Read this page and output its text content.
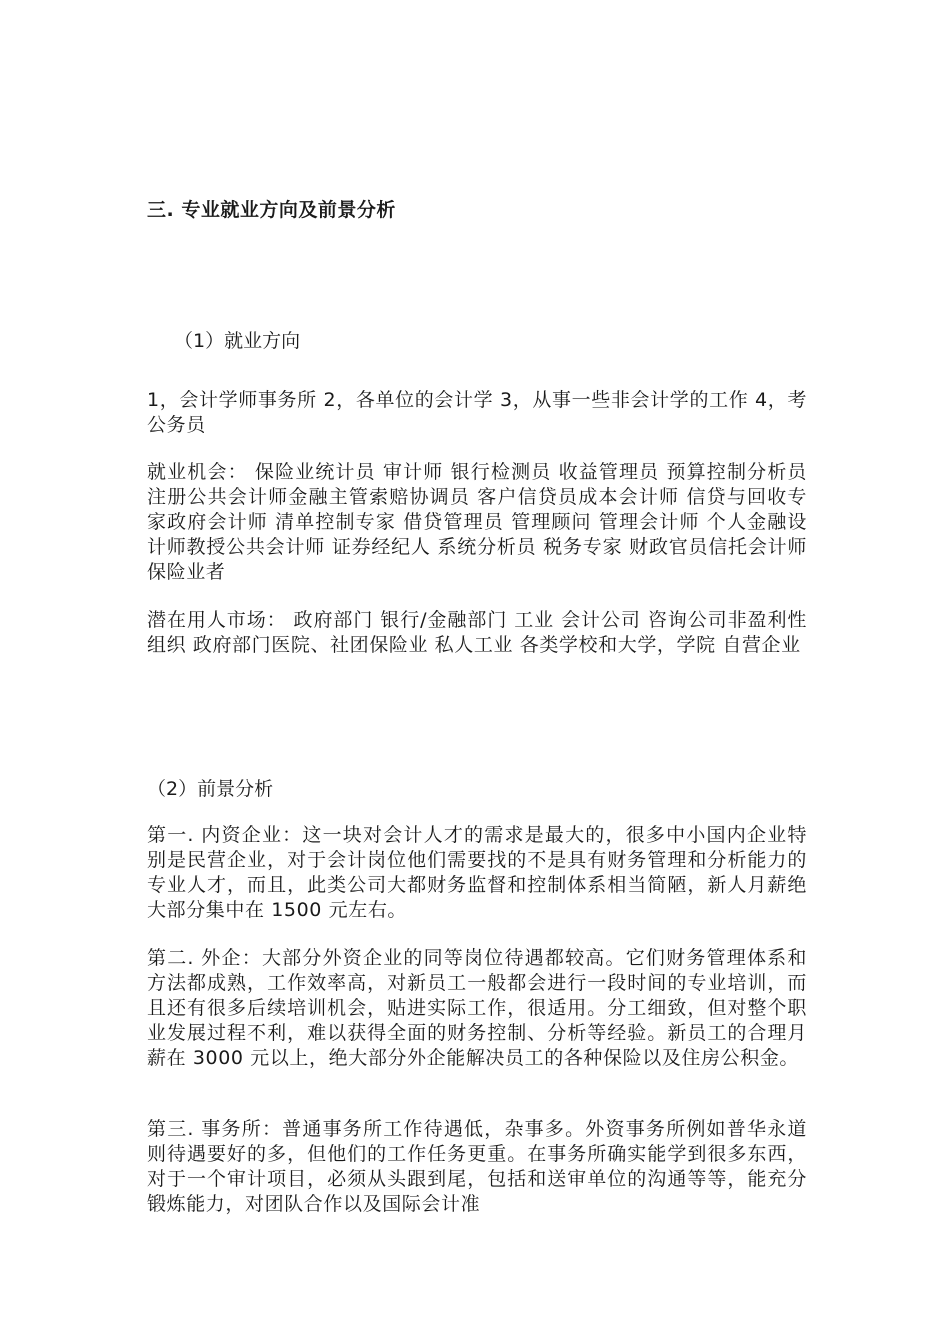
三. 专业就业方向及前景分析
（1）就业方向

1，会计学师事务所 2，各单位的会计学 3，从事一些非会计学的工作 4，考公务员

就业机会： 保险业统计员 审计师 银行检测员 收益管理员 预算控制分析员 注册公共会计师金融主管索赔协调员 客户信贷员成本会计师 信贷与回收专家政府会计师 清单控制专家 借贷管理员 管理顾问 管理会计师 个人金融设计师教授公共会计师 证券经纪人 系统分析员 税务专家 财政官员信托会计师 保险业者

潜在用人市场： 政府部门 银行/金融部门 工业 会计公司 咨询公司非盈利性组织 政府部门医院、社团保险业 私人工业 各类学校和大学，学院 自营企业

（2）前景分析

第一. 内资企业：这一块对会计人才的需求是最大的，很多中小国内企业特别是民营企业，对于会计岗位他们需要找的不是具有财务管理和分析能力的专业人才，而且，此类公司大都财务监督和控制体系相当简陋，新人月薪绝大部分集中在 1500 元左右。

第二. 外企：大部分外资企业的同等岗位待遇都较高。它们财务管理体系和方法都成熟，工作效率高，对新员工一般都会进行一段时间的专业培训，而且还有很多后续培训机会，贴进实际工作，很适用。分工细致，但对整个职业发展过程不利，难以获得全面的财务控制、分析等经验。新员工的合理月薪在 3000 元以上，绝大部分外企能解决员工的各种保险以及住房公积金。

第三. 事务所：普通事务所工作待遇低，杂事多。外资事务所例如普华永道则待遇要好的多，但他们的工作任务更重。在事务所确实能学到很多东西，对于一个审计项目，必须从头跟到尾，包括和送审单位的沟通等等，能充分锻炼能力，对团队合作以及国际会计准
